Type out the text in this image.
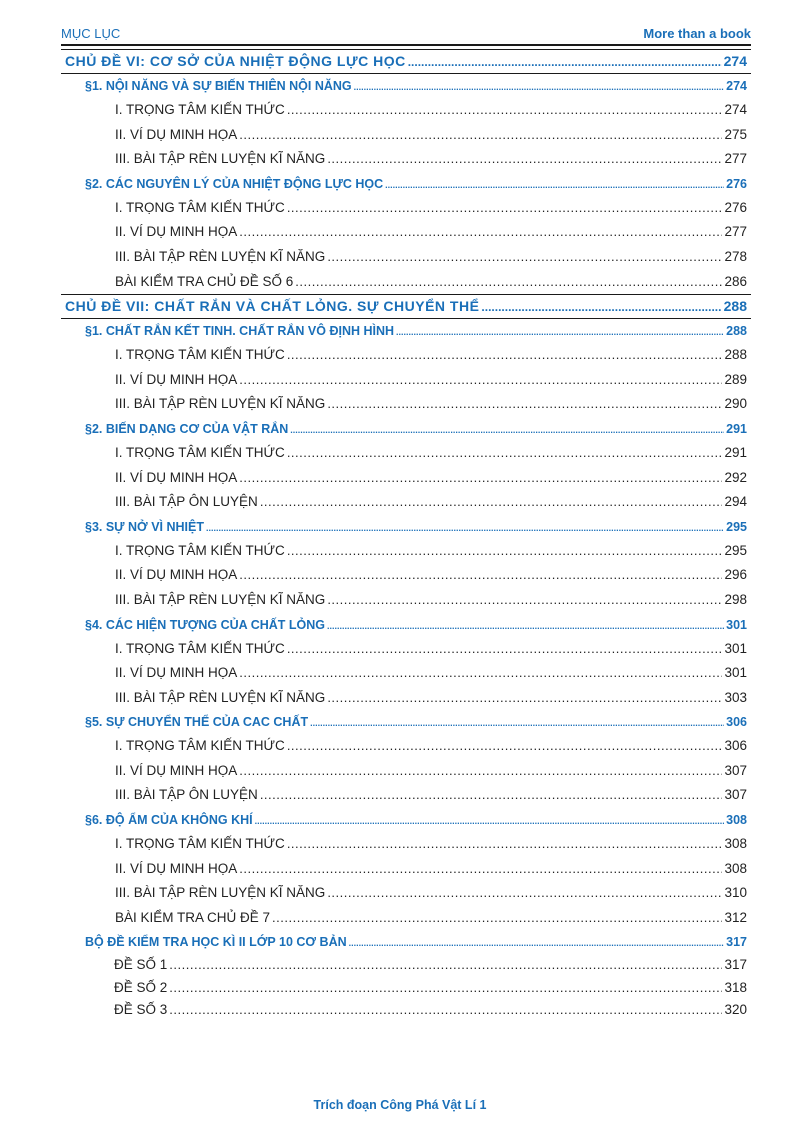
MỤC LỤC	More than a book
CHỦ ĐỀ VI: CƠ SỞ CỦA NHIỆT ĐỘNG LỰC HỌC .....	274
§1. NỘI NĂNG VÀ SỰ BIẾN THIÊN NỘI NĂNG .....	274
I. TRỌNG TÂM KIẾN THỨC .....	274
II. VÍ DỤ MINH HỌA .....	275
III. BÀI TẬP RÈN LUYỆN KĨ NĂNG .....	277
§2. CÁC NGUYÊN LÝ CỦA NHIỆT ĐỘNG LỰC HỌC .....	276
I. TRỌNG TÂM KIẾN THỨC .....	276
II. VÍ DỤ MINH HỌA .....	277
III. BÀI TẬP RÈN LUYỆN KĨ NĂNG .....	278
BÀI KIỂM TRA CHỦ ĐỀ SỐ 6 .....	286
CHỦ ĐỀ VII: CHẤT RẮN VÀ CHẤT LỎNG. SỰ CHUYỂN THỂ .....	288
§1. CHẤT RẮN KẾT TINH. CHẤT RẮN VÔ ĐỊNH HÌNH .....	288
I. TRỌNG TÂM KIẾN THỨC .....	288
II. VÍ DỤ MINH HỌA .....	289
III. BÀI TẬP RÈN LUYỆN KĨ NĂNG .....	290
§2. BIẾN DẠNG CƠ CỦA VẬT RẮN .....	291
I. TRỌNG TÂM KIẾN THỨC .....	291
II. VÍ DỤ MINH HỌA .....	292
III. BÀI TẬP ÔN LUYỆN .....	294
§3. SỰ NỞ VÌ NHIỆT .....	295
I. TRỌNG TÂM KIẾN THỨC .....	295
II. VÍ DỤ MINH HỌA .....	296
III. BÀI TẬP RÈN LUYỆN KĨ NĂNG .....	298
§4. CÁC HIỆN TƯỢNG CỦA CHẤT LỎNG .....	301
I. TRỌNG TÂM KIẾN THỨC .....	301
II. VÍ DỤ MINH HỌA .....	301
III. BÀI TẬP RÈN LUYỆN KĨ NĂNG .....	303
§5. SỰ CHUYỂN THỂ CỦA CAC CHẤT .....	306
I. TRỌNG TÂM KIẾN THỨC .....	306
II. VÍ DỤ MINH HỌA .....	307
III. BÀI TẬP ÔN LUYỆN .....	307
§6. ĐỘ ẨM CỦA KHÔNG KHÍ .....	308
I. TRỌNG TÂM KIẾN THỨC .....	308
II. VÍ DỤ MINH HỌA .....	308
III. BÀI TẬP RÈN LUYỆN KĨ NĂNG .....	310
BÀI KIỂM TRA CHỦ ĐỀ 7 .....	312
BỘ ĐỀ KIỂM TRA HỌC KÌ II LỚP 10 CƠ BẢN .....	317
ĐỀ SỐ 1 .....	317
ĐỀ SỐ 2 .....	318
ĐỀ SỐ 3 .....	320
Trích đoạn Công Phá Vật Lí 1
